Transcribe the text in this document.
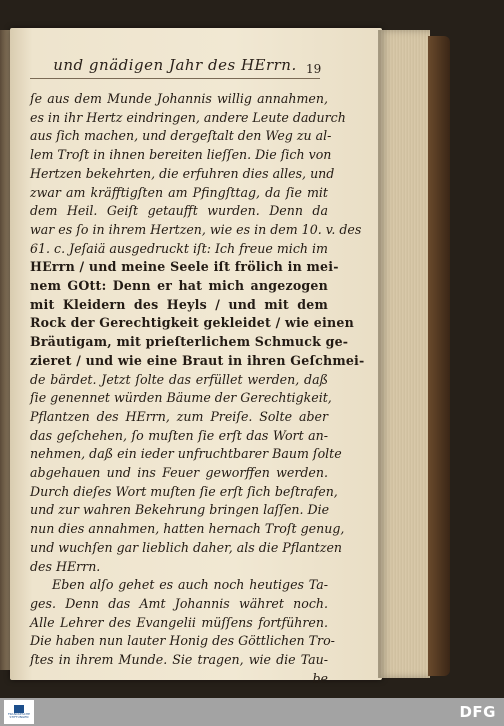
und gnädigen Jahr des HErrn. 19
ſe aus dem Munde Johannis willig annahmen,
es in ihr Hertz eindringen, andere Leute dadurch
aus ſich machen, und dergeſtalt den Weg zu al-
lem Troſt in ihnen bereiten lieſſen. Die ſich von
Hertzen bekehrten, die erfuhren dies alles, und
zwar am kräfftigſten am Pfingſttag, da ſie mit
dem Heil. Geiſt getaufft wurden. Denn da
war es ſo in ihrem Hertzen, wie es in dem 10. v. des
61. c. Jeſaiä ausgedruckt iſt: Ich freue mich im
HErrn / und meine Seele iſt frölich in mei-
nem GOtt: Denn er hat mich angezogen
mit Kleidern des Heyls / und mit dem
Rock der Gerechtigkeit gekleidet / wie einen
Bräutigam, mit prieſterlichem Schmuck ge-
zieret / und wie eine Braut in ihren Geſchmei-
de bärdet. Jetzt ſolte das erfüllet werden, daß
ſie genennet würden Bäume der Gerechtigkeit,
Pflantzen des HErrn, zum Preiſe. Solte aber
das geſchehen, ſo muſten ſie erſt das Wort an-
nehmen, daß ein ieder unfruchtbarer Baum ſolte
abgehauen und ins Feuer geworffen werden.
Durch dieſes Wort muſten ſie erſt ſich beſtrafen,
und zur wahren Bekehrung bringen laſſen. Die
nun dies annahmen, hatten hernach Troſt genug,
und wuchſen gar lieblich daher, als die Pflantzen
des HErrn.
Eben alſo gehet es auch noch heutiges Ta-
ges. Denn das Amt Johannis währet noch.
Alle Lehrer des Evangelii müſſens fortführen.
Die haben nun lauter Honig des Göttlichen Tro-
ſtes in ihrem Munde. Sie tragen, wie die Tau-
be
FRANCKESCHE STIFTUNGEN	DFG
